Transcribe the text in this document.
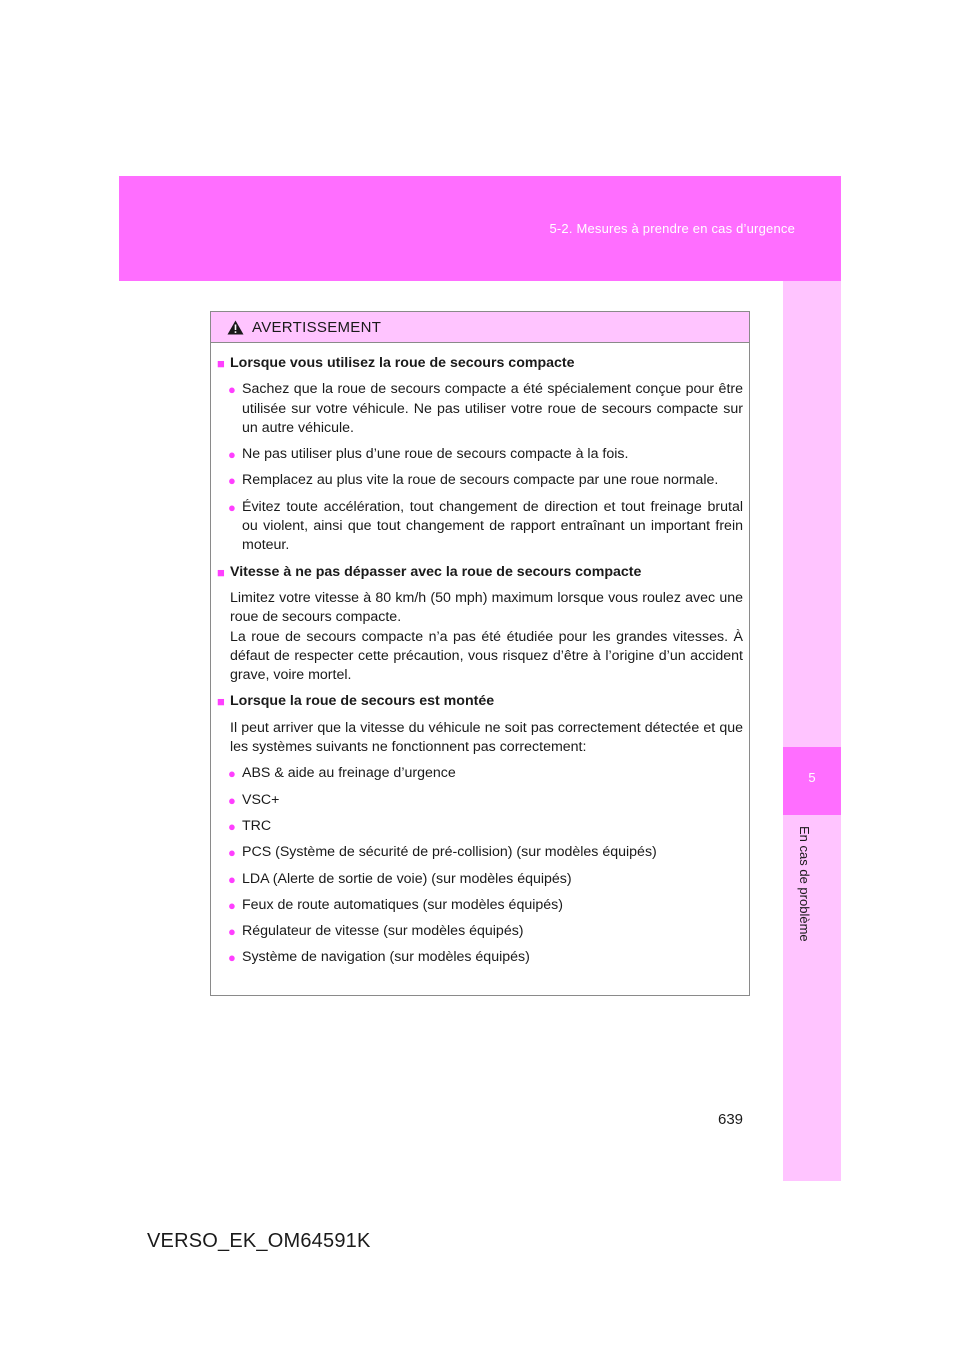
5-2. Mesures à prendre en cas d’urgence
5
En cas de problème
AVERTISSEMENT
■ Lorsque vous utilisez la roue de secours compacte
● Sachez que la roue de secours compacte a été spécialement conçue pour être utilisée sur votre véhicule. Ne pas utiliser votre roue de secours compacte sur un autre véhicule.
● Ne pas utiliser plus d’une roue de secours compacte à la fois.
● Remplacez au plus vite la roue de secours compacte par une roue normale.
● Évitez toute accélération, tout changement de direction et tout freinage brutal ou violent, ainsi que tout changement de rapport entraînant un important frein moteur.
■ Vitesse à ne pas dépasser avec la roue de secours compacte
Limitez votre vitesse à 80 km/h (50 mph) maximum lorsque vous roulez avec une roue de secours compacte.
La roue de secours compacte n’a pas été étudiée pour les grandes vitesses. À défaut de respecter cette précaution, vous risquez d’être à l’origine d’un accident grave, voire mortel.
■ Lorsque la roue de secours est montée
Il peut arriver que la vitesse du véhicule ne soit pas correctement détectée et que les systèmes suivants ne fonctionnent pas correctement:
● ABS & aide au freinage d’urgence
● VSC+
● TRC
● PCS (Système de sécurité de pré-collision) (sur modèles équipés)
● LDA (Alerte de sortie de voie) (sur modèles équipés)
● Feux de route automatiques (sur modèles équipés)
● Régulateur de vitesse (sur modèles équipés)
● Système de navigation (sur modèles équipés)
639
VERSO_EK_OM64591K
